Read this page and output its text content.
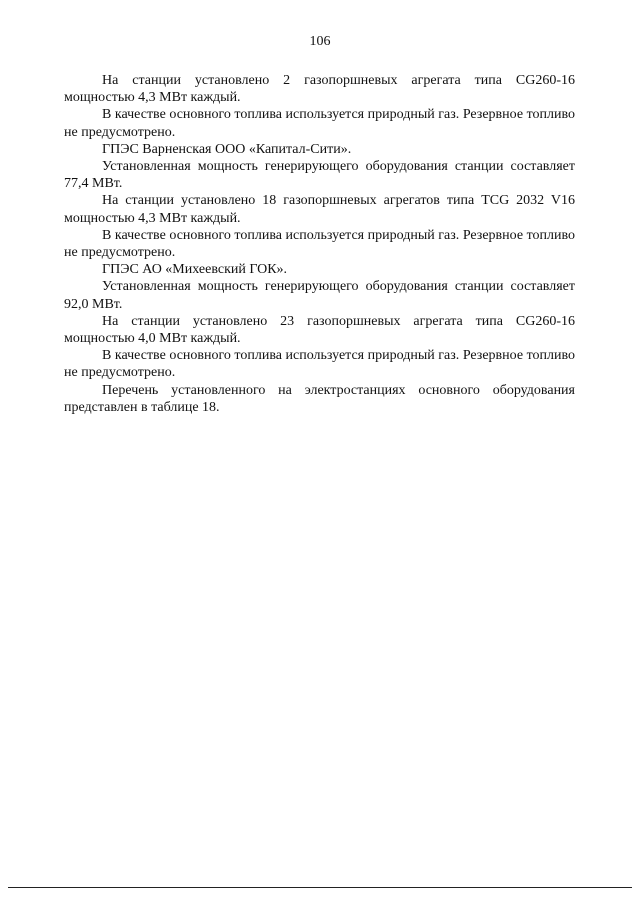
106

На станции установлено 2 газопоршневых агрегата типа CG260-16 мощностью 4,3 МВт каждый.

В качестве основного топлива используется природный газ. Резервное топливо не предусмотрено.

ГПЭС Варненская ООО «Капитал-Сити».

Установленная мощность генерирующего оборудования станции составляет 77,4 МВт.

На станции установлено 18 газопоршневых агрегатов типа TCG 2032 V16 мощностью 4,3 МВт каждый.

В качестве основного топлива используется природный газ. Резервное топливо не предусмотрено.

ГПЭС АО «Михеевский ГОК».

Установленная мощность генерирующего оборудования станции составляет 92,0 МВт.

На станции установлено 23 газопоршневых агрегата типа CG260-16 мощностью 4,0 МВт каждый.

В качестве основного топлива используется природный газ. Резервное топливо не предусмотрено.

Перечень установленного на электростанциях основного оборудования представлен в таблице 18.
